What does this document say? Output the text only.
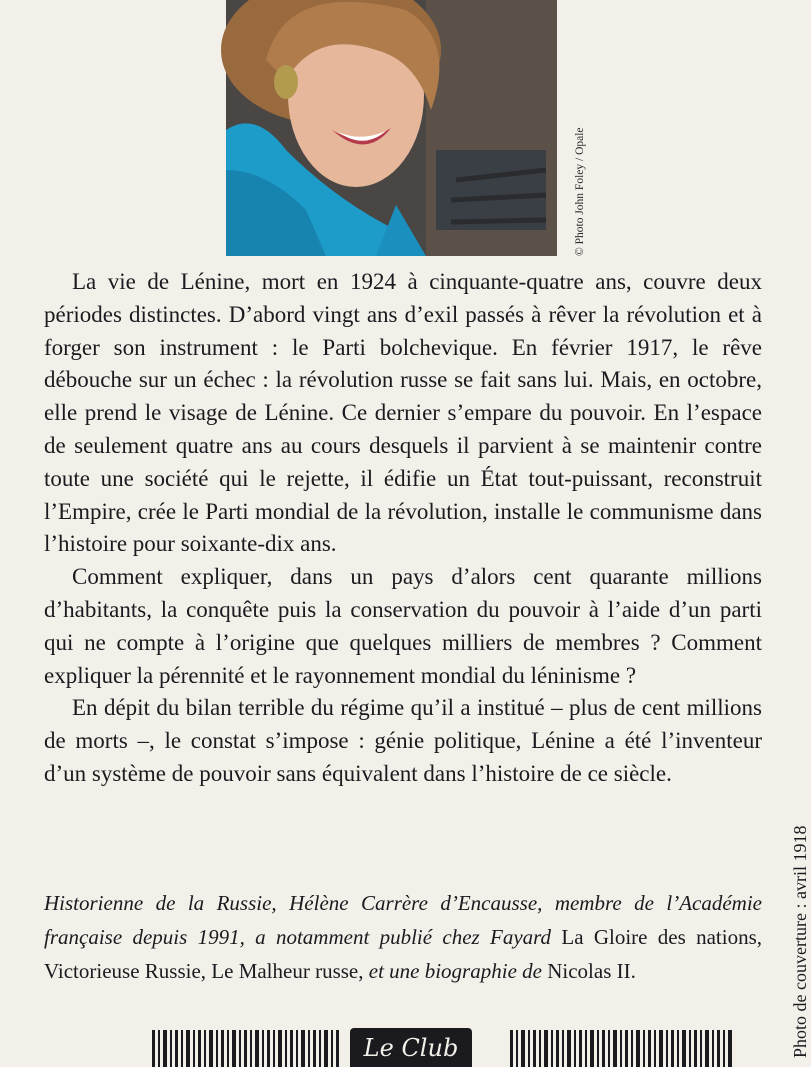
© Photo John Foley / Opale

La vie de Lénine, mort en 1924 à cinquante-quatre ans, couvre deux périodes distinctes. D’abord vingt ans d’exil passés à rêver la révolution et à forger son instrument : le Parti bolchevique. En février 1917, le rêve débouche sur un échec : la révolution russe se fait sans lui. Mais, en octobre, elle prend le visage de Lénine. Ce dernier s’empare du pouvoir. En l’espace de seulement quatre ans au cours desquels il parvient à se maintenir contre toute une société qui le rejette, il édifie un État tout-puissant, reconstruit l’Empire, crée le Parti mondial de la révolution, installe le communisme dans l’histoire pour soixante-dix ans.

Comment expliquer, dans un pays d’alors cent quarante millions d’habitants, la conquête puis la conservation du pouvoir à l’aide d’un parti qui ne compte à l’origine que quelques milliers de membres ? Comment expliquer la pérennité et le rayonnement mondial du léninisme ?

En dépit du bilan terrible du régime qu’il a institué – plus de cent millions de morts –, le constat s’impose : génie politique, Lénine a été l’inventeur d’un système de pouvoir sans équivalent dans l’histoire de ce siècle.

Historienne de la Russie, Hélène Carrère d’Encausse, membre de l’Académie française depuis 1991, a notamment publié chez Fayard La Gloire des nations, Victorieuse Russie, Le Malheur russe, et une biographie de Nicolas II.	Photo de couverture : avril 1918
Le Club
